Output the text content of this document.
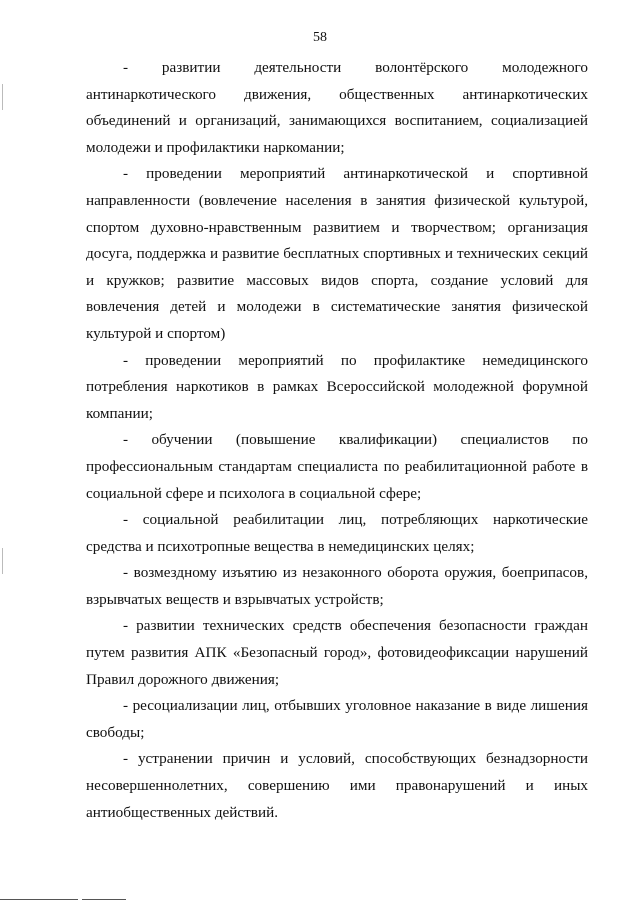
58

- развитии деятельности волонтёрского молодежного антинаркотического движения, общественных антинаркотических объединений и организаций, занимающихся воспитанием, социализацией молодежи и профилактики наркомании;

- проведении мероприятий антинаркотической и спортивной направленности (вовлечение населения в занятия физической культурой, спортом духовно-нравственным развитием и творчеством; организация досуга, поддержка и развитие бесплатных спортивных и технических секций и кружков; развитие массовых видов спорта, создание условий для вовлечения детей и молодежи в систематические занятия физической культурой и спортом)

- проведении мероприятий по профилактике немедицинского потребления наркотиков в рамках Всероссийской молодежной форумной компании;

- обучении (повышение квалификации) специалистов по профессиональным стандартам специалиста по реабилитационной работе в социальной сфере и психолога в социальной сфере;

- социальной реабилитации лиц, потребляющих наркотические средства и психотропные вещества в немедицинских целях;

- возмездному изъятию из незаконного оборота оружия, боеприпасов, взрывчатых веществ и взрывчатых устройств;

- развитии технических средств обеспечения безопасности граждан путем развития АПК «Безопасный город», фотовидеофиксации нарушений Правил дорожного движения;

- ресоциализации лиц, отбывших уголовное наказание в виде лишения свободы;

- устранении причин и условий, способствующих безнадзорности несовершеннолетних, совершению ими правонарушений и иных антиобщественных действий.
